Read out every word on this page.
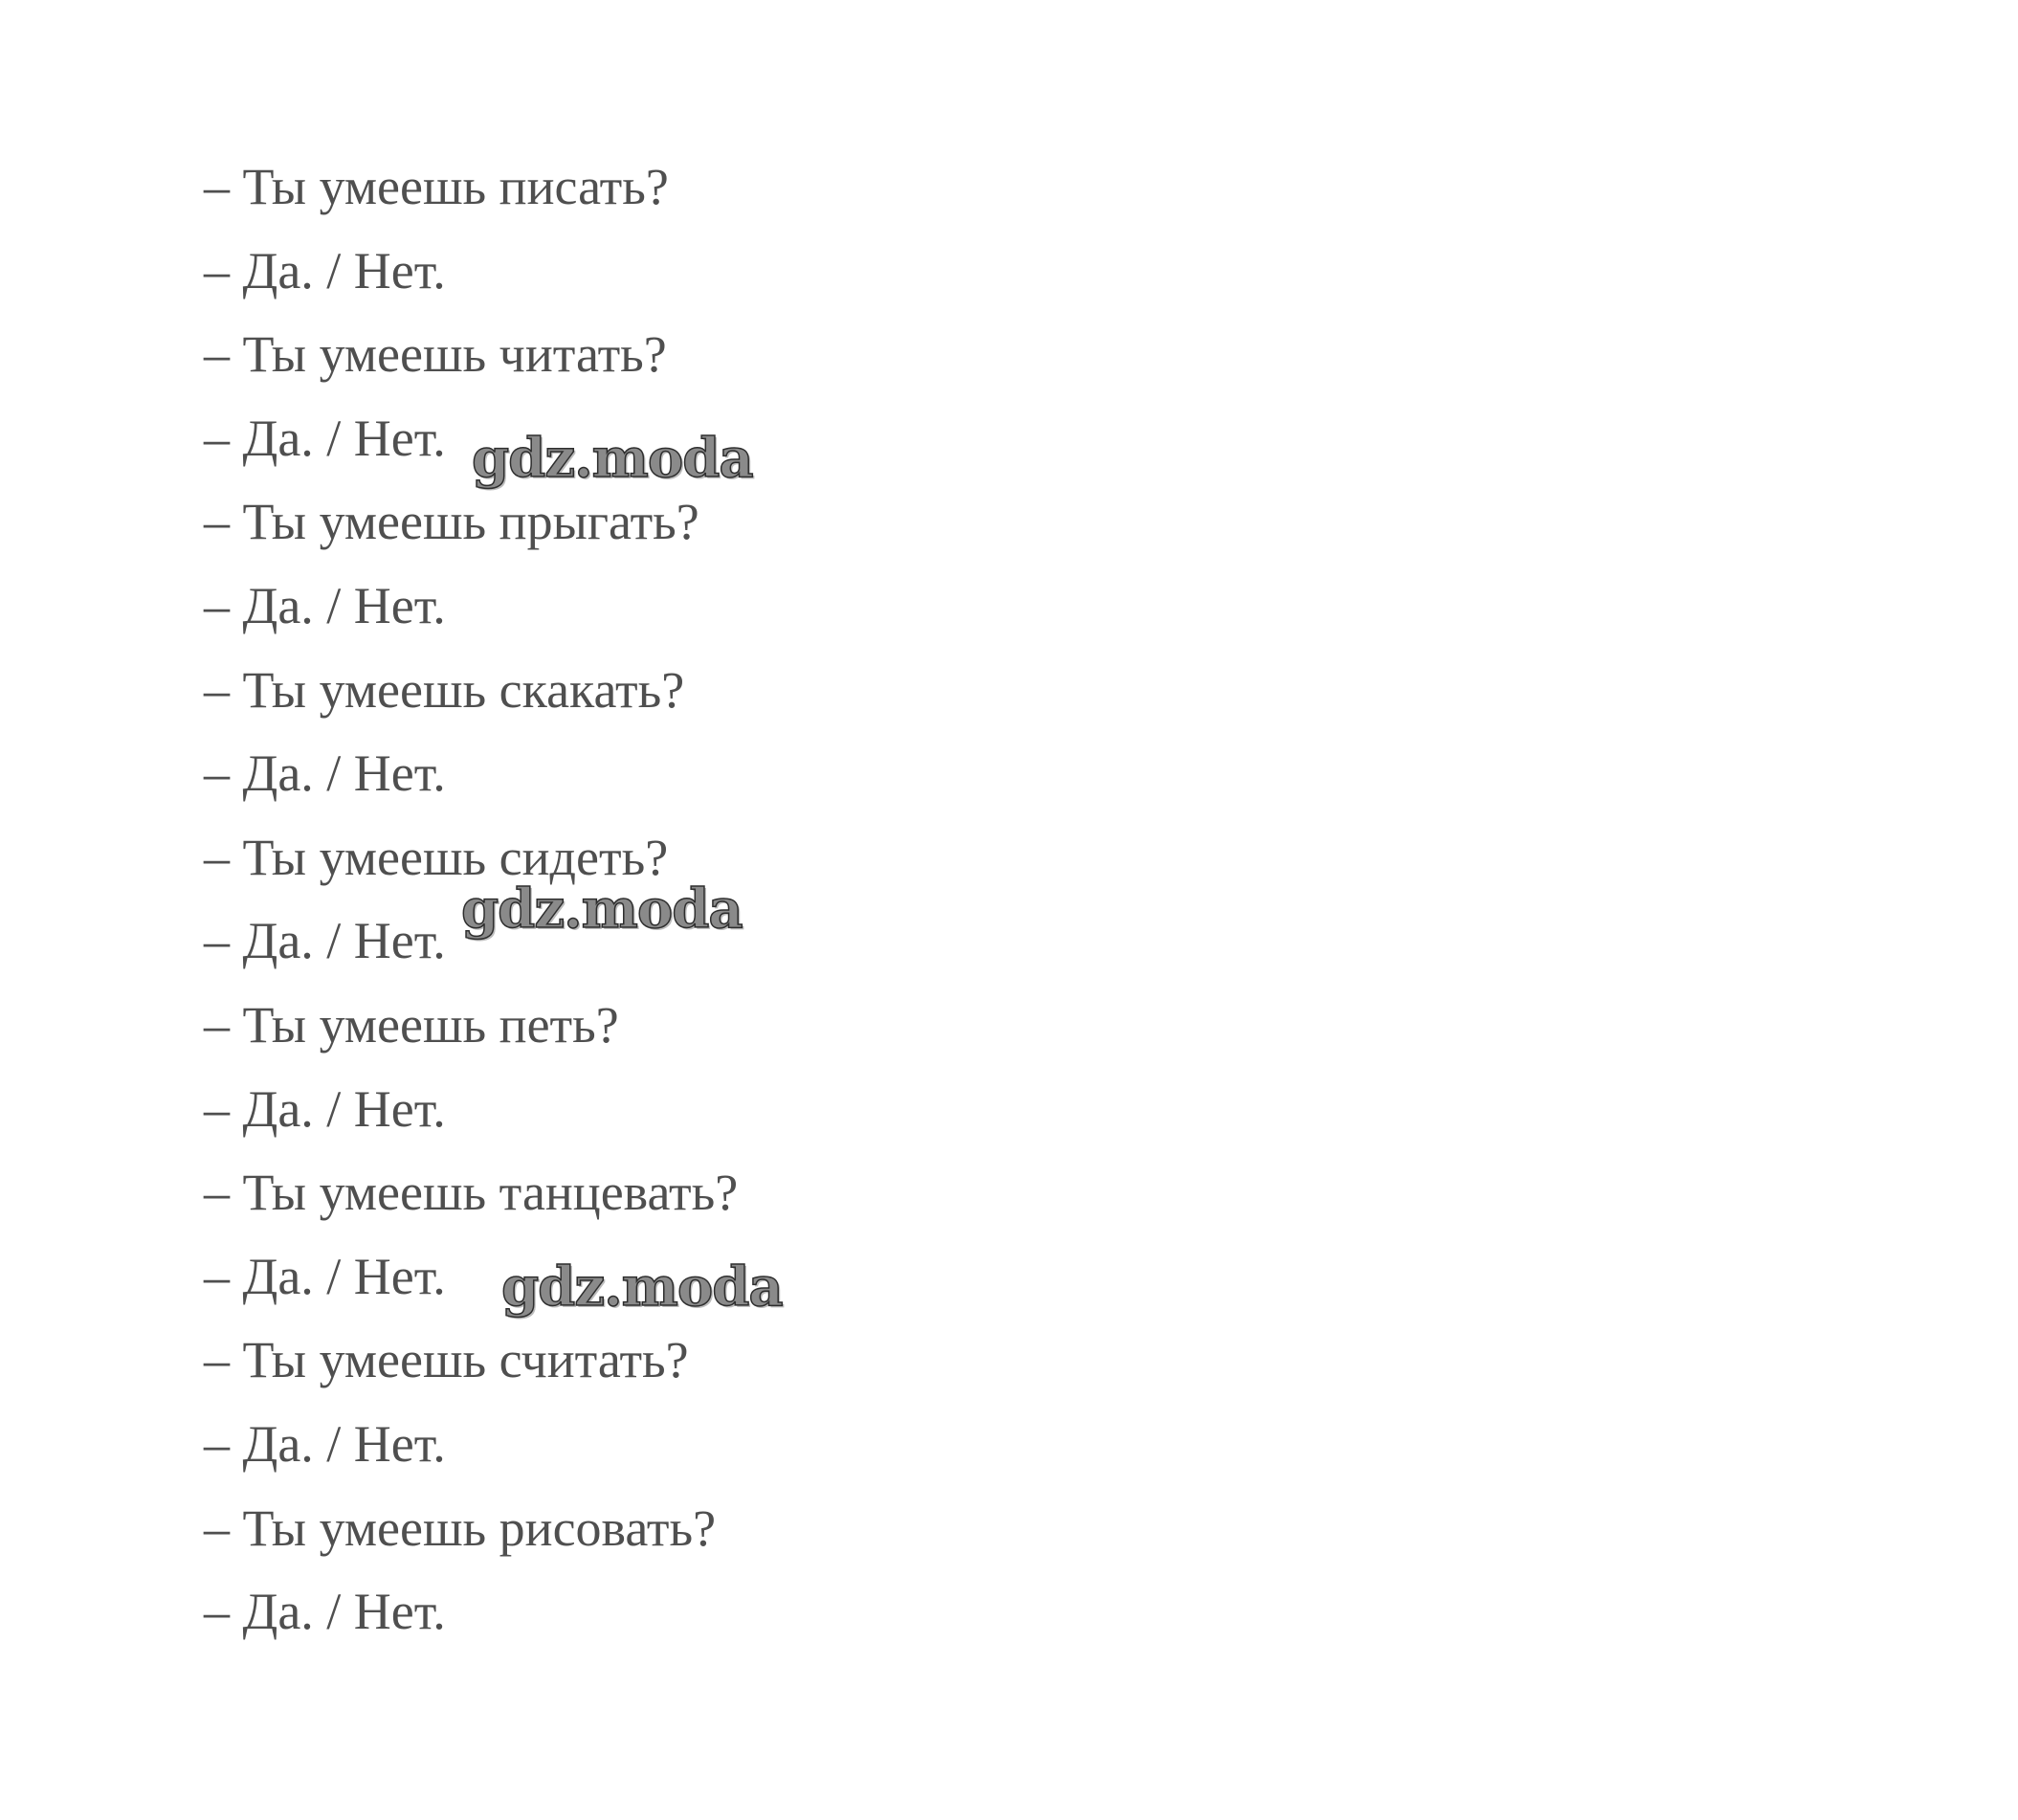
– Ты умеешь писать?
– Да. / Нет.
– Ты умеешь читать?
– Да. / Нет.
– Ты умеешь прыгать?
– Да. / Нет.
– Ты умеешь скакать?
– Да. / Нет.
– Ты умеешь сидеть?
– Да. / Нет.
– Ты умеешь петь?
– Да. / Нет.
– Ты умеешь танцевать?
– Да. / Нет.
– Ты умеешь считать?
– Да. / Нет.
– Ты умеешь рисовать?
– Да. / Нет.
gdz.moda
gdz.moda
gdz.moda
